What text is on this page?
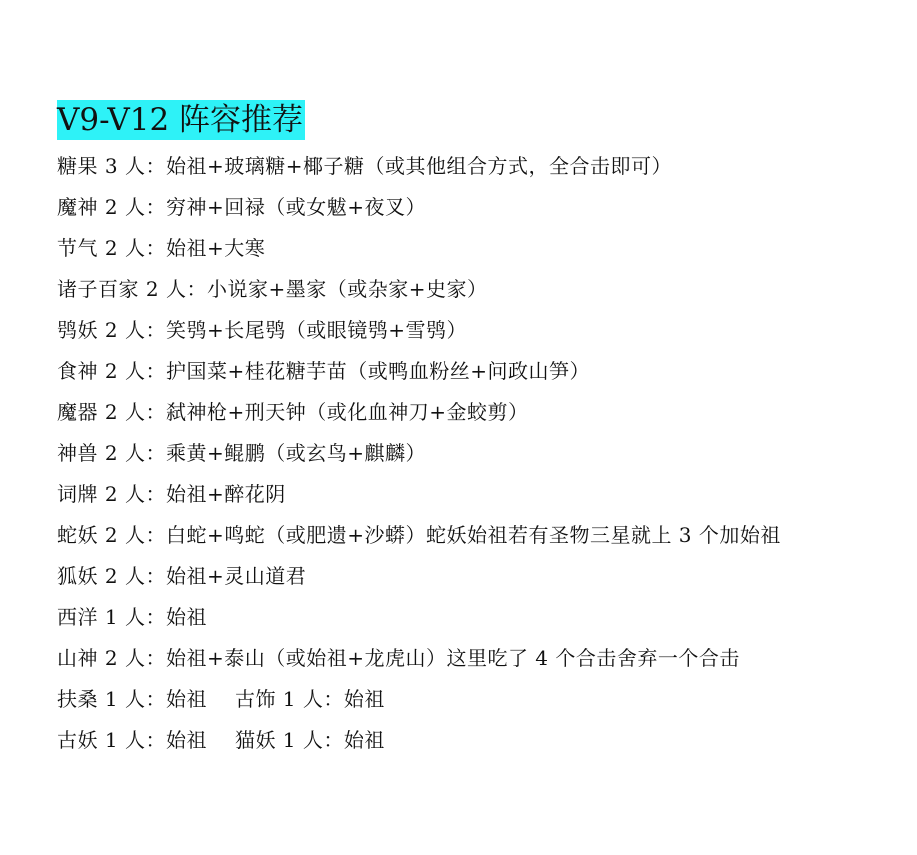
V9-V12 阵容推荐
糖果 3 人：始祖+玻璃糖+椰子糖（或其他组合方式，全合击即可）
魔神 2 人：穷神+回禄（或女魃+夜叉）
节气 2 人：始祖+大寒
诸子百家 2 人：小说家+墨家（或杂家+史家）
鸮妖 2 人：笑鸮+长尾鸮（或眼镜鸮+雪鸮）
食神 2 人：护国菜+桂花糖芋苗（或鸭血粉丝+问政山笋）
魔器 2 人：弑神枪+刑天钟（或化血神刀+金蛟剪）
神兽 2 人：乘黄+鲲鹏（或玄鸟+麒麟）
词牌 2 人：始祖+醉花阴
蛇妖 2 人：白蛇+鸣蛇（或肥遗+沙蟒）蛇妖始祖若有圣物三星就上 3 个加始祖
狐妖 2 人：始祖+灵山道君
西洋 1 人：始祖
山神 2 人：始祖+泰山（或始祖+龙虎山）这里吃了 4 个合击舍弃一个合击
扶桑 1 人：始祖 古饰 1 人：始祖
古妖 1 人：始祖 猫妖 1 人：始祖
